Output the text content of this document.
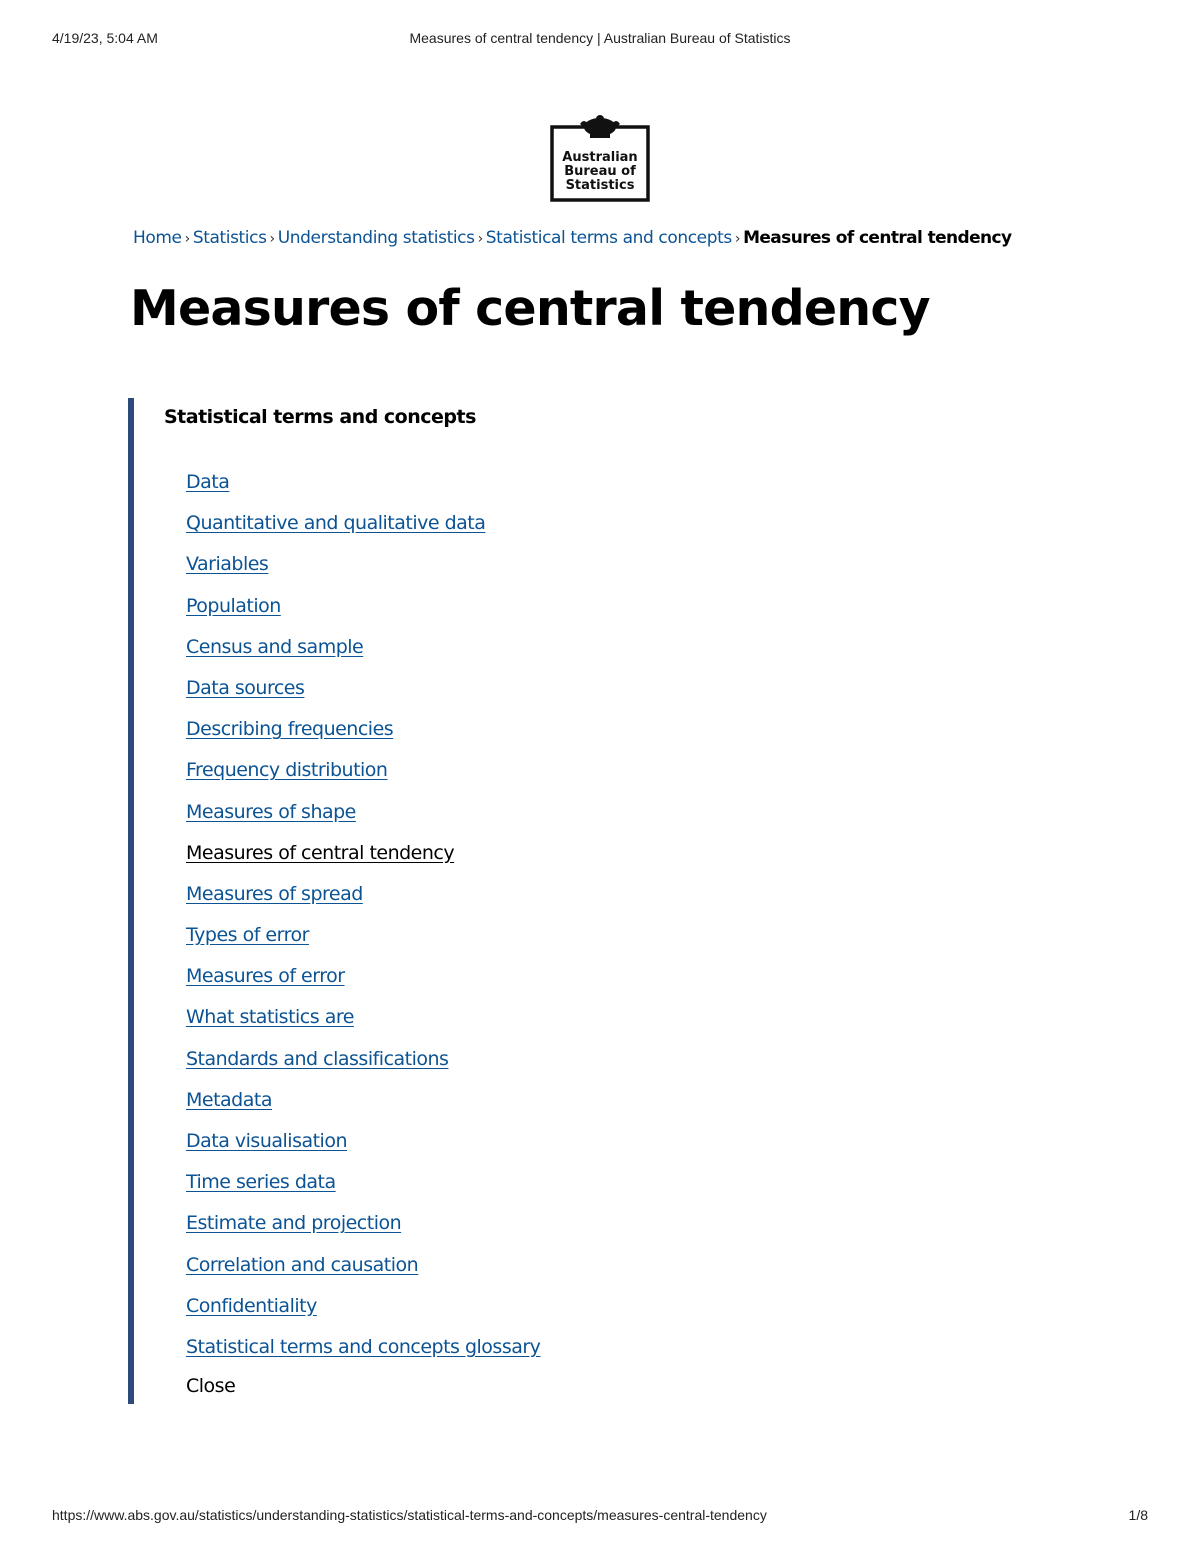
4/19/23, 5:04 AM	Measures of central tendency | Australian Bureau of Statistics
Australian
Bureau of
Statistics
Home › Statistics › Understanding statistics › Statistical terms and concepts › Measures of central tendency
Measures of central tendency
Statistical terms and concepts
Data
Quantitative and qualitative data
Variables
Population
Census and sample
Data sources
Describing frequencies
Frequency distribution
Measures of shape
Measures of central tendency
Measures of spread
Types of error
Measures of error
What statistics are
Standards and classifications
Metadata
Data visualisation
Time series data
Estimate and projection
Correlation and causation
Confidentiality
Statistical terms and concepts glossary
Close
https://www.abs.gov.au/statistics/understanding-statistics/statistical-terms-and-concepts/measures-central-tendency	1/8
